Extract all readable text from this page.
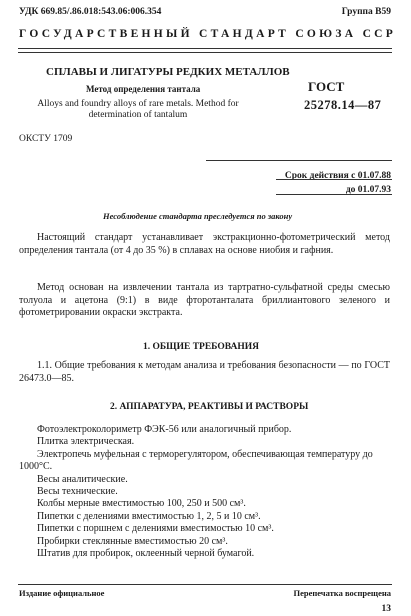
УДК 669.85/.86.018:543.06:006.354	Группа В59
ГОСУДАРСТВЕННЫЙ СТАНДАРТ СОЮЗА ССР
СПЛАВЫ И ЛИГАТУРЫ РЕДКИХ МЕТАЛЛОВ
Метод определения тантала
Alloys and foundry alloys of rare metals. Method for determination of tantalum
ГОСТ
25278.14—87
ОКСТУ 1709
Срок действия с 01.07.88
до 01.07.93
Несоблюдение стандарта преследуется по закону
Настоящий стандарт устанавливает экстракционно-фотометрический метод определения тантала (от 4 до 35 %) в сплавах на основе ниобия и гафния.
Метод основан на извлечении тантала из тартратно-сульфатной среды смесью толуола и ацетона (9:1) в виде фторотанталата бриллиантового зеленого и фотометрировании окраски экстракта.
1. ОБЩИЕ ТРЕБОВАНИЯ
1.1. Общие требования к методам анализа и требования безопасности — по ГОСТ 26473.0—85.
2. АППАРАТУРА, РЕАКТИВЫ И РАСТВОРЫ
Фотоэлектроколориметр ФЭК-56 или аналогичный прибор.
Плитка электрическая.
Электропечь муфельная с терморегулятором, обеспечивающая температуру до 1000°С.
Весы аналитические.
Весы технические.
Колбы мерные вместимостью 100, 250 и 500 см³.
Пипетки с делениями вместимостью 1, 2, 5 и 10 см³.
Пипетки с поршнем с делениями вместимостью 10 см³.
Пробирки стеклянные вместимостью 20 см³.
Штатив для пробирок, оклеенный черной бумагой.
Издание официальное	Перепечатка воспрещена
13
